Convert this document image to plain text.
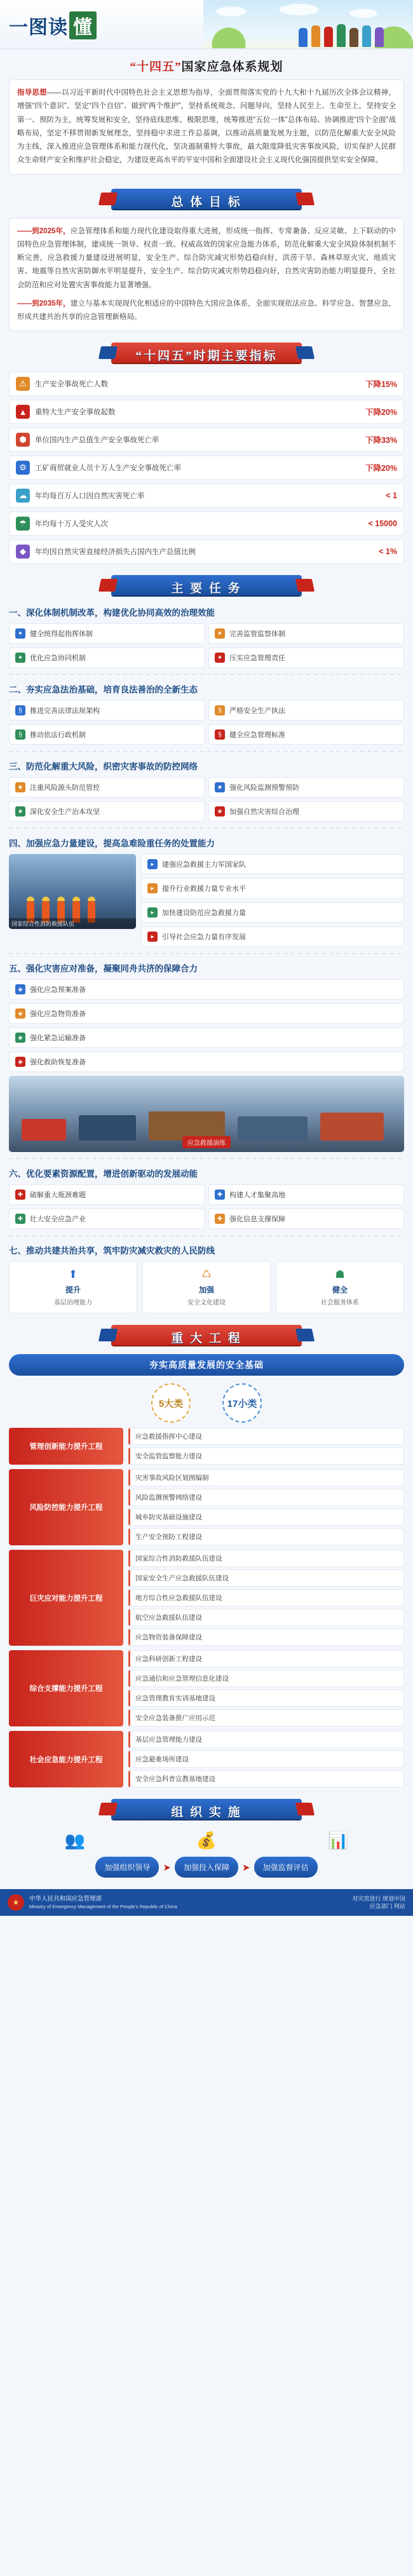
一图读 懂
“十四五”国家应急体系规划
指导思想——以习近平新时代中国特色社会主义思想为指导，全面贯彻落实党的十九大和十九届历次全体会议精神，增强“四个意识”、坚定“四个自信”、做到“两个维护”，坚持系统观念、问题导向，坚持人民至上、生命至上，坚持安全第一、预防为主，统筹发展和安全，坚持底线思维、极限思维，统筹推进“五位一体”总体布局、协调推进“四个全面”战略布局，坚定不移贯彻新发展理念，坚持稳中求进工作总基调，以推动高质量发展为主题，以防范化解重大安全风险为主线，深入推进应急管理体系和能力现代化，坚决遏制重特大事故，最大限度降低灾害事故风险，切实保护人民群众生命财产安全和维护社会稳定，为建设更高水平的平安中国和全面建设社会主义现代化强国提供坚实安全保障。
总 体 目 标

——到2025年，应急管理体系和能力现代化建设取得重大进展，形成统一指挥、专常兼备、反应灵敏、上下联动的中国特色应急管理体制，建成统一领导、权责一致、权威高效的国家应急能力体系，防范化解重大安全风险体制机制不断完善，应急救援力量建设进展明显，安全生产、综合防灾减灾形势趋稳向好，洪涝干旱、森林草原火灾、地质灾害、地震等自然灾害防御水平明显提升，安全生产、综合防灾减灾形势趋稳向好，自然灾害防治能力明显提升，全社会防范和应对处置灾害事故能力显著增强。

——到2035年，建立与基本实现现代化相适应的中国特色大国应急体系，全面实现依法应急、科学应急、智慧应急，形成共建共治共享的应急管理新格局。

“十四五”时期主要指标
⚠	生产安全事故死亡人数	下降15%
▲	重特大生产安全事故起数	下降20%
⬢	单位国内生产总值生产安全事故死亡率	下降33%
⚙	工矿商贸就业人员十万人生产安全事故死亡率	下降20%
☁	年均每百万人口因自然灾害死亡率	< 1
☂	年均每十万人受灾人次	< 15000
◆	年均因自然灾害直接经济损失占国内生产总值比例	< 1%
主 要 任 务
一、深化体制机制改革，构建优化协同高效的治理效能
✦ 健全统得起指挥体制	✦ 完善监管监察体制
✦ 优化应急协同机制	✦ 压实应急管理责任
二、夯实应急法治基础，培育良法善治的全新生态
§	推进完善法律法规架构	§	严格安全生产执法
§	推动依法行政机制	§	健全应急管理标准
三、防范化解重大风险，织密灾害事故的防控网络
★ 注重风险源头防范管控	★ 强化风险监测预警预防
★ 深化安全生产治本攻坚	★ 加强自然灾害综合治理
四、加强应急力量建设，提高急难险重任务的处置能力
国家综合性消防救援队伍
▸	建强应急救援主力军国家队
▸	提升行业救援力量专业水平
▸	加快建设防范应急救援力量
▸	引导社会应急力量有序发展
五、强化灾害应对准备，凝聚同舟共济的保障合力
◈	强化应急预案准备
◈	强化应急物资准备
◈	强化紧急运输准备
◈	强化救助恢复准备
应急救援演练
六、优化要素资源配置，增进创新驱动的发展动能
✚ 破解重大瓶颈难题	✚ 构建人才集聚高地
✚ 壮大安全应急产业	✚ 强化信息支撑保障
七、推动共建共治共享，筑牢防灾减灾救灾的人民防线
⬆
提升
基层治理能力
♺
加强
安全文化建设
☗
健全
社会服务体系
重 大 工 程
夯实高质量发展的安全基础
5大类	17小类
管理创新能力提升工程
应急救援指挥中心建设
安全监管监察能力建设
风险防控能力提升工程
灾害事故风险区划图编制
风险监测预警网络建设
城乡防灾基础设施建设
生产安全预防工程建设
巨灾应对能力提升工程
国家综合性消防救援队伍建设
国家安全生产应急救援队伍建设
地方综合性应急救援队伍建设
航空应急救援队伍建设
应急物资装备保障建设
综合支撑能力提升工程
应急科研创新工程建设
应急通信和应急管理信息化建设
应急管理教育实训基地建设
安全应急装备推广应用示范
社会应急能力提升工程
基层应急管理能力建设
应急避难场所建设
安全应急科普宣教基地建设
组 织 实 施
👥	💰	📊
加强组织领导	➤	加强投入保障	➤	加强监督评估
★	中华人民共和国应急管理部
Ministry of Emergency Management of the People's Republic of China
对灾害进行 规划中国
应急部门 网站
